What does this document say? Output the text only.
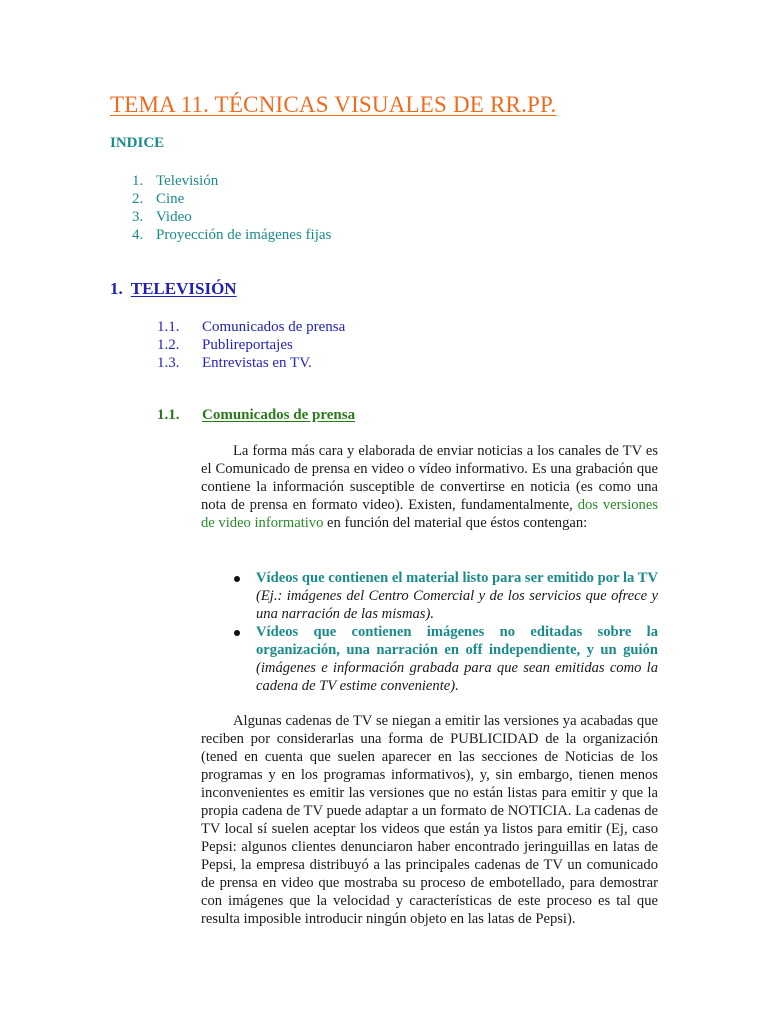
TEMA 11. TÉCNICAS VISUALES DE RR.PP.
INDICE
1. Televisión
2. Cine
3. Video
4. Proyección de imágenes fijas
1. TELEVISIÓN
1.1. Comunicados de prensa
1.2. Publireportajes
1.3. Entrevistas en TV.
1.1. Comunicados de prensa

La forma más cara y elaborada de enviar noticias a los canales de TV es el Comunicado de prensa en video o vídeo informativo. Es una grabación que contiene la información susceptible de convertirse en noticia (es como una nota de prensa en formato video). Existen, fundamentalmente, dos versiones de video informativo en función del material que éstos contengan:

Vídeos que contienen el material listo para ser emitido por la TV (Ej.: imágenes del Centro Comercial y de los servicios que ofrece y una narración de las mismas).
Vídeos que contienen imágenes no editadas sobre la organización, una narración en off independiente, y un guión (imágenes e información grabada para que sean emitidas como la cadena de TV estime conveniente).

Algunas cadenas de TV se niegan a emitir las versiones ya acabadas que reciben por considerarlas una forma de PUBLICIDAD de la organización (tened en cuenta que suelen aparecer en las secciones de Noticias de los programas y en los programas informativos), y, sin embargo, tienen menos inconvenientes es emitir las versiones que no están listas para emitir y que la propia cadena de TV puede adaptar a un formato de NOTICIA. La cadenas de TV local sí suelen aceptar los videos que están ya listos para emitir (Ej, caso Pepsi: algunos clientes denunciaron haber encontrado jeringuillas en latas de Pepsi, la empresa distribuyó a las principales cadenas de TV un comunicado de prensa en video que mostraba su proceso de embotellado, para demostrar con imágenes que la velocidad y características de este proceso es tal que resulta imposible introducir ningún objeto en las latas de Pepsi).
